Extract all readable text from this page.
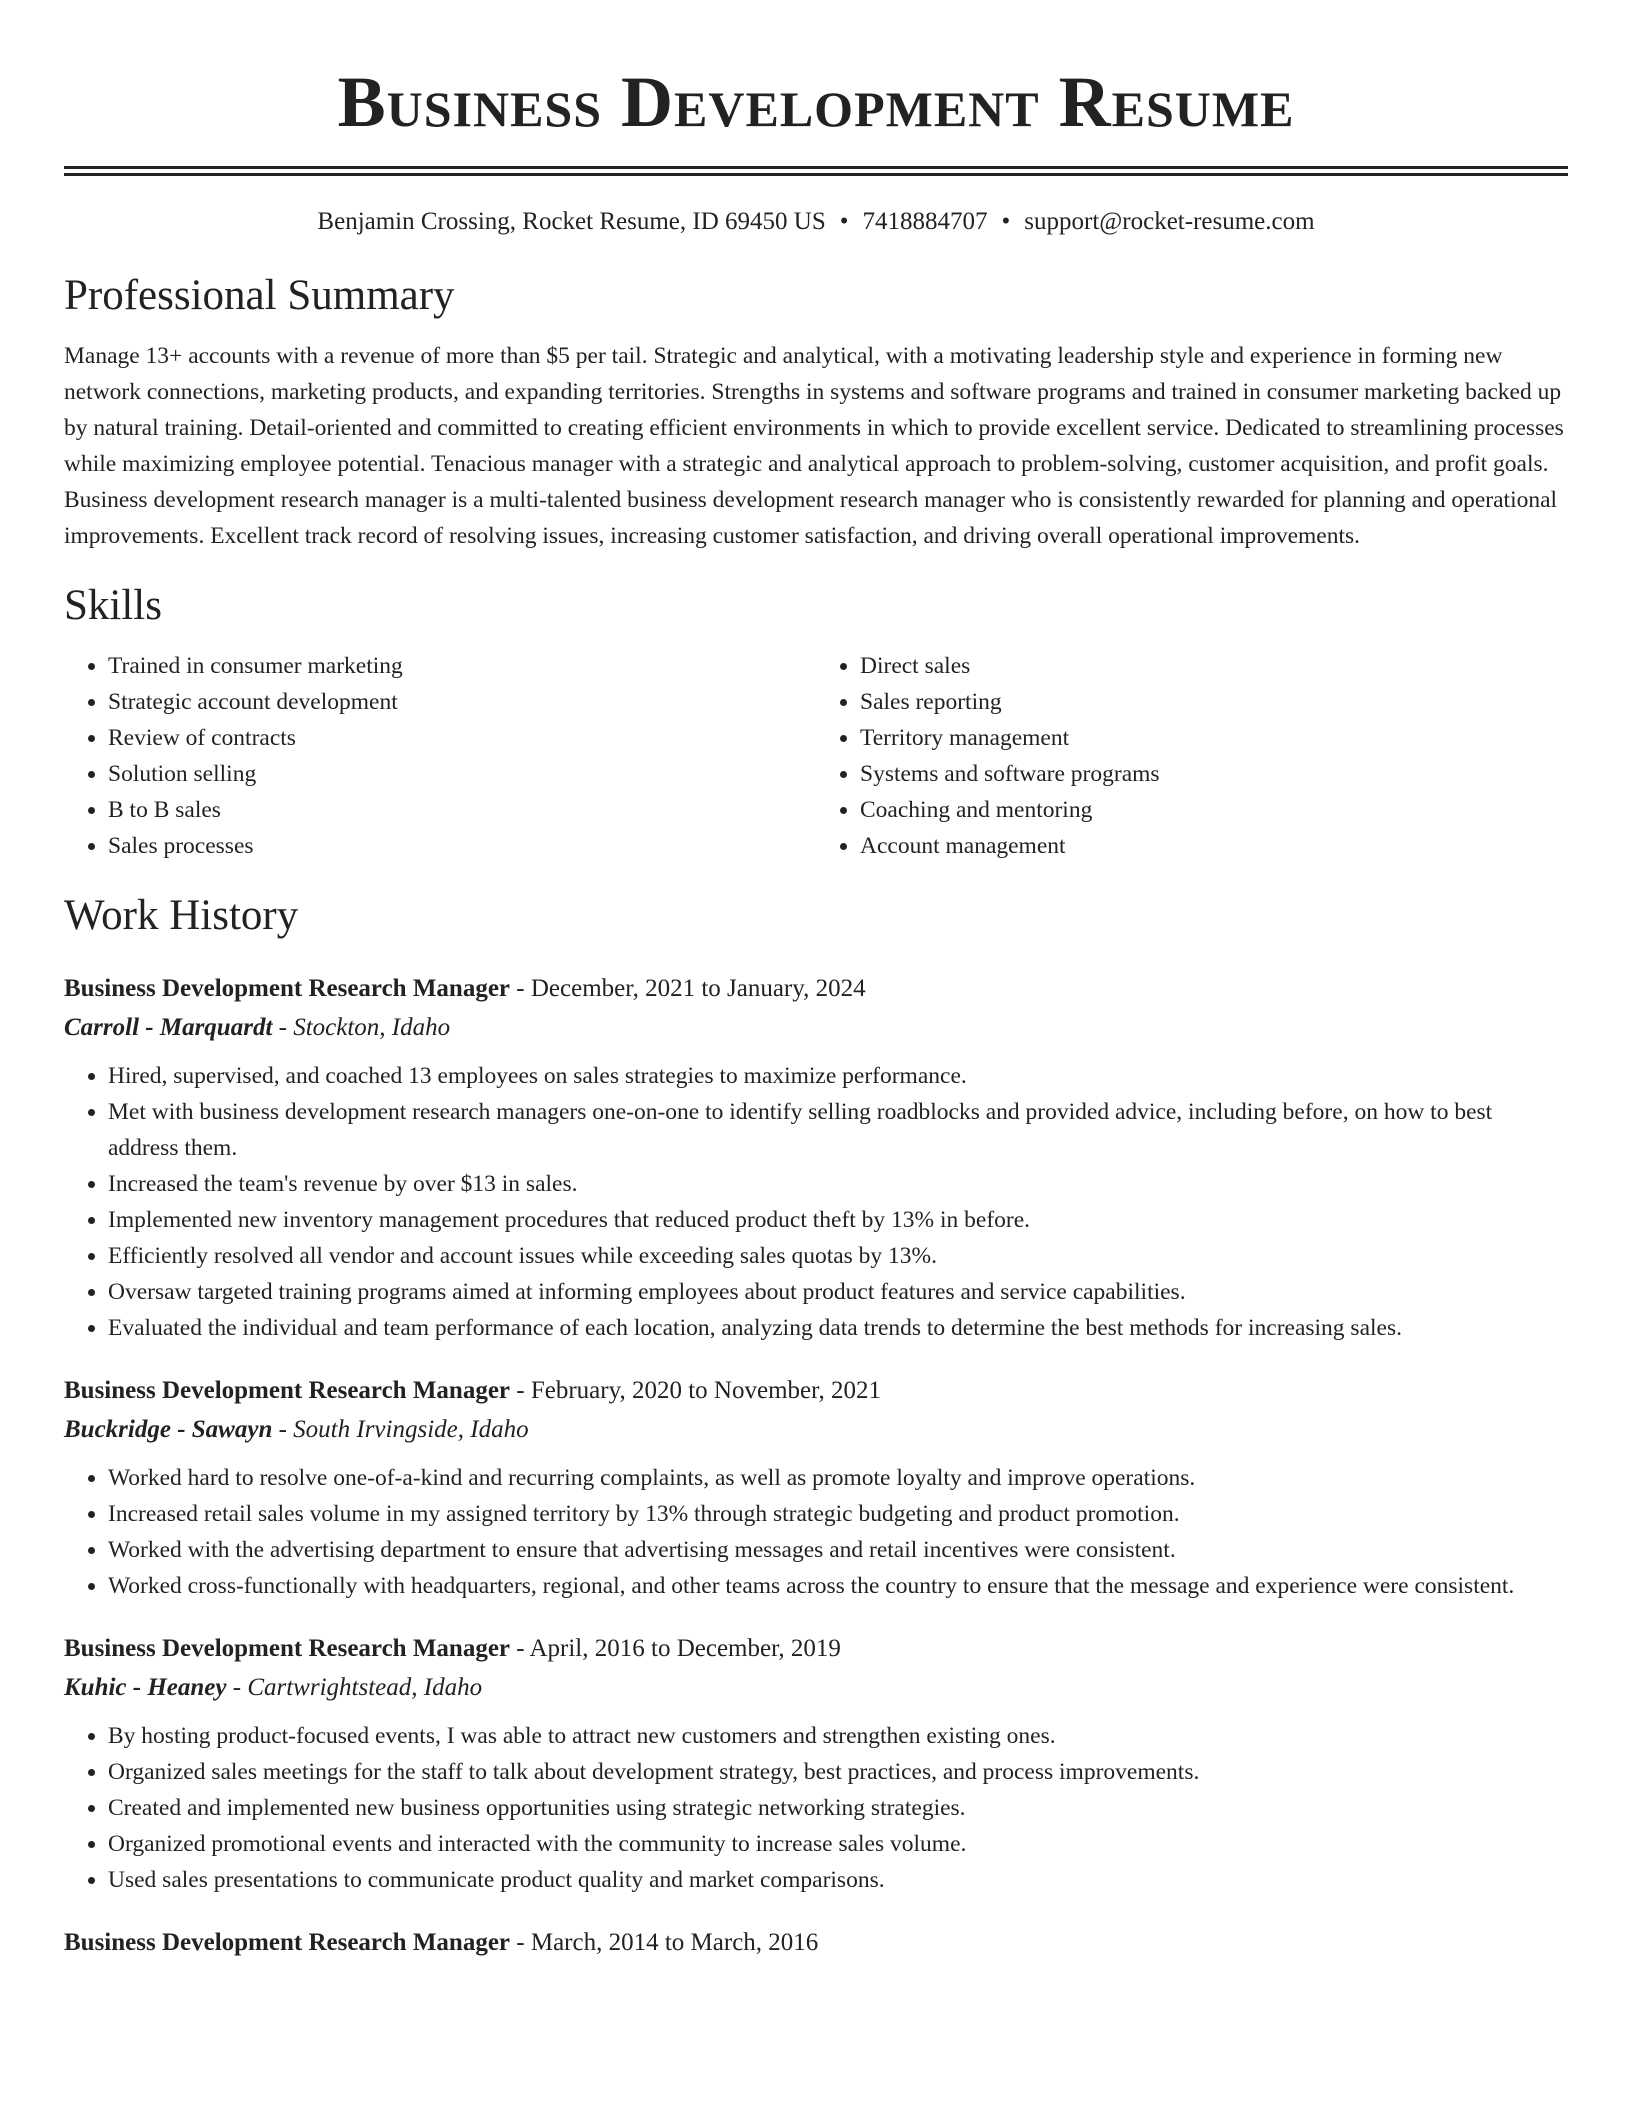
Business Development Resume
Benjamin Crossing, Rocket Resume, ID 69450 US • 7418884707 • support@rocket-resume.com
Professional Summary

Manage 13+ accounts with a revenue of more than $5 per tail. Strategic and analytical, with a motivating leadership style and experience in forming new network connections, marketing products, and expanding territories. Strengths in systems and software programs and trained in consumer marketing backed up by natural training. Detail-oriented and committed to creating efficient environments in which to provide excellent service. Dedicated to streamlining processes while maximizing employee potential. Tenacious manager with a strategic and analytical approach to problem-solving, customer acquisition, and profit goals. Business development research manager is a multi-talented business development research manager who is consistently rewarded for planning and operational improvements. Excellent track record of resolving issues, increasing customer satisfaction, and driving overall operational improvements.

Skills
• Trained in consumer marketing
• Strategic account development
• Review of contracts
• Solution selling
• B to B sales
• Sales processes
• Direct sales
• Sales reporting
• Territory management
• Systems and software programs
• Coaching and mentoring
• Account management
Work History
Business Development Research Manager - December, 2021 to January, 2024
Carroll - Marquardt - Stockton, Idaho
• Hired, supervised, and coached 13 employees on sales strategies to maximize performance.
• Met with business development research managers one-on-one to identify selling roadblocks and provided advice, including before, on how to best address them.
• Increased the team's revenue by over $13 in sales.
• Implemented new inventory management procedures that reduced product theft by 13% in before.
• Efficiently resolved all vendor and account issues while exceeding sales quotas by 13%.
• Oversaw targeted training programs aimed at informing employees about product features and service capabilities.
• Evaluated the individual and team performance of each location, analyzing data trends to determine the best methods for increasing sales.
Business Development Research Manager - February, 2020 to November, 2021
Buckridge - Sawayn - South Irvingside, Idaho
• Worked hard to resolve one-of-a-kind and recurring complaints, as well as promote loyalty and improve operations.
• Increased retail sales volume in my assigned territory by 13% through strategic budgeting and product promotion.
• Worked with the advertising department to ensure that advertising messages and retail incentives were consistent.
• Worked cross-functionally with headquarters, regional, and other teams across the country to ensure that the message and experience were consistent.
Business Development Research Manager - April, 2016 to December, 2019
Kuhic - Heaney - Cartwrightstead, Idaho
• By hosting product-focused events, I was able to attract new customers and strengthen existing ones.
• Organized sales meetings for the staff to talk about development strategy, best practices, and process improvements.
• Created and implemented new business opportunities using strategic networking strategies.
• Organized promotional events and interacted with the community to increase sales volume.
• Used sales presentations to communicate product quality and market comparisons.
Business Development Research Manager - March, 2014 to March, 2016
